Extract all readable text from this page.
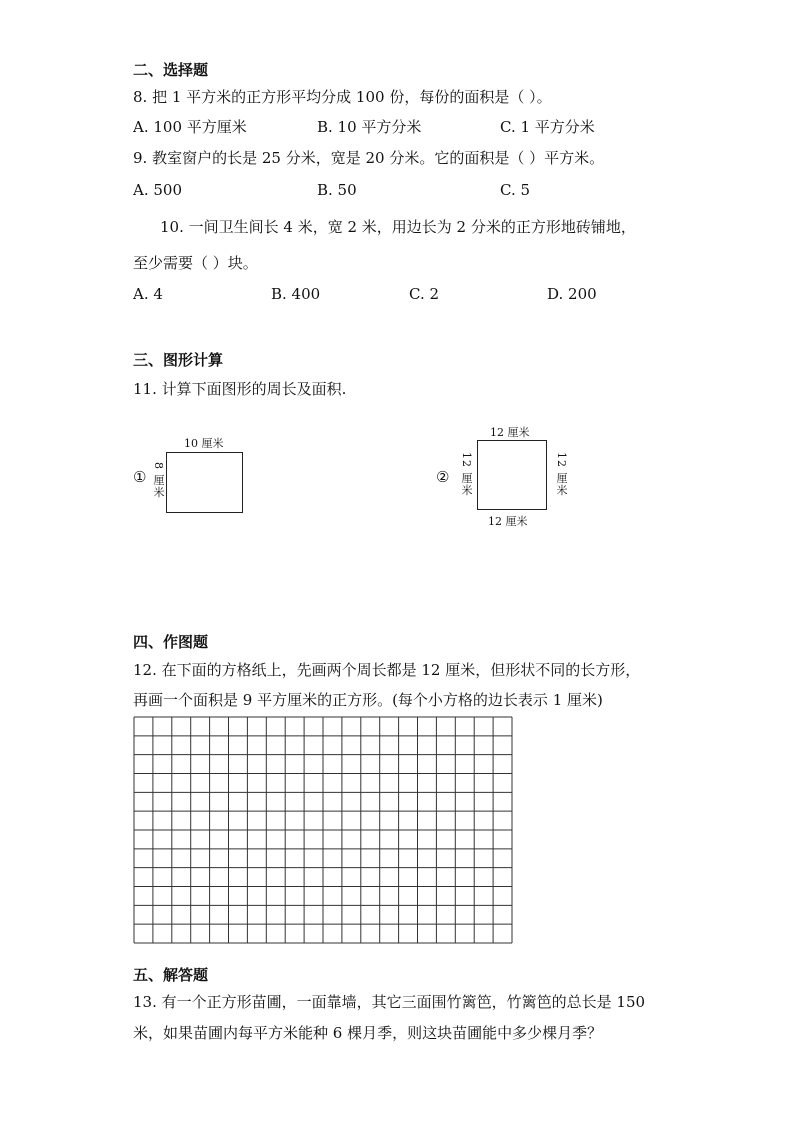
二、选择题
8. 把 1 平方米的正方形平均分成 100 份，每份的面积是（ ）。
A. 100 平方厘米	B. 10 平方分米	C. 1 平方分米
9. 教室窗户的长是 25 分米，宽是 20 分米。它的面积是（ ）平方米。
A. 500	B. 50	C. 5
10. 一间卫生间长 4 米，宽 2 米，用边长为 2 分米的正方形地砖铺地，
至少需要（ ）块。
A. 4	B. 400	C. 2	D. 200
三、图形计算
11. 计算下面图形的周长及面积.
①
10 厘米
8 厘米	②
12 厘米
12 厘米
12 厘米	12 厘米
四、作图题
12. 在下面的方格纸上，先画两个周长都是 12 厘米，但形状不同的长方形，
再画一个面积是 9 平方厘米的正方形。(每个小方格的边长表示 1 厘米)
五、解答题
13. 有一个正方形苗圃，一面靠墙，其它三面围竹篱笆，竹篱笆的总长是 150
米，如果苗圃内每平方米能种 6 棵月季，则这块苗圃能中多少棵月季？
